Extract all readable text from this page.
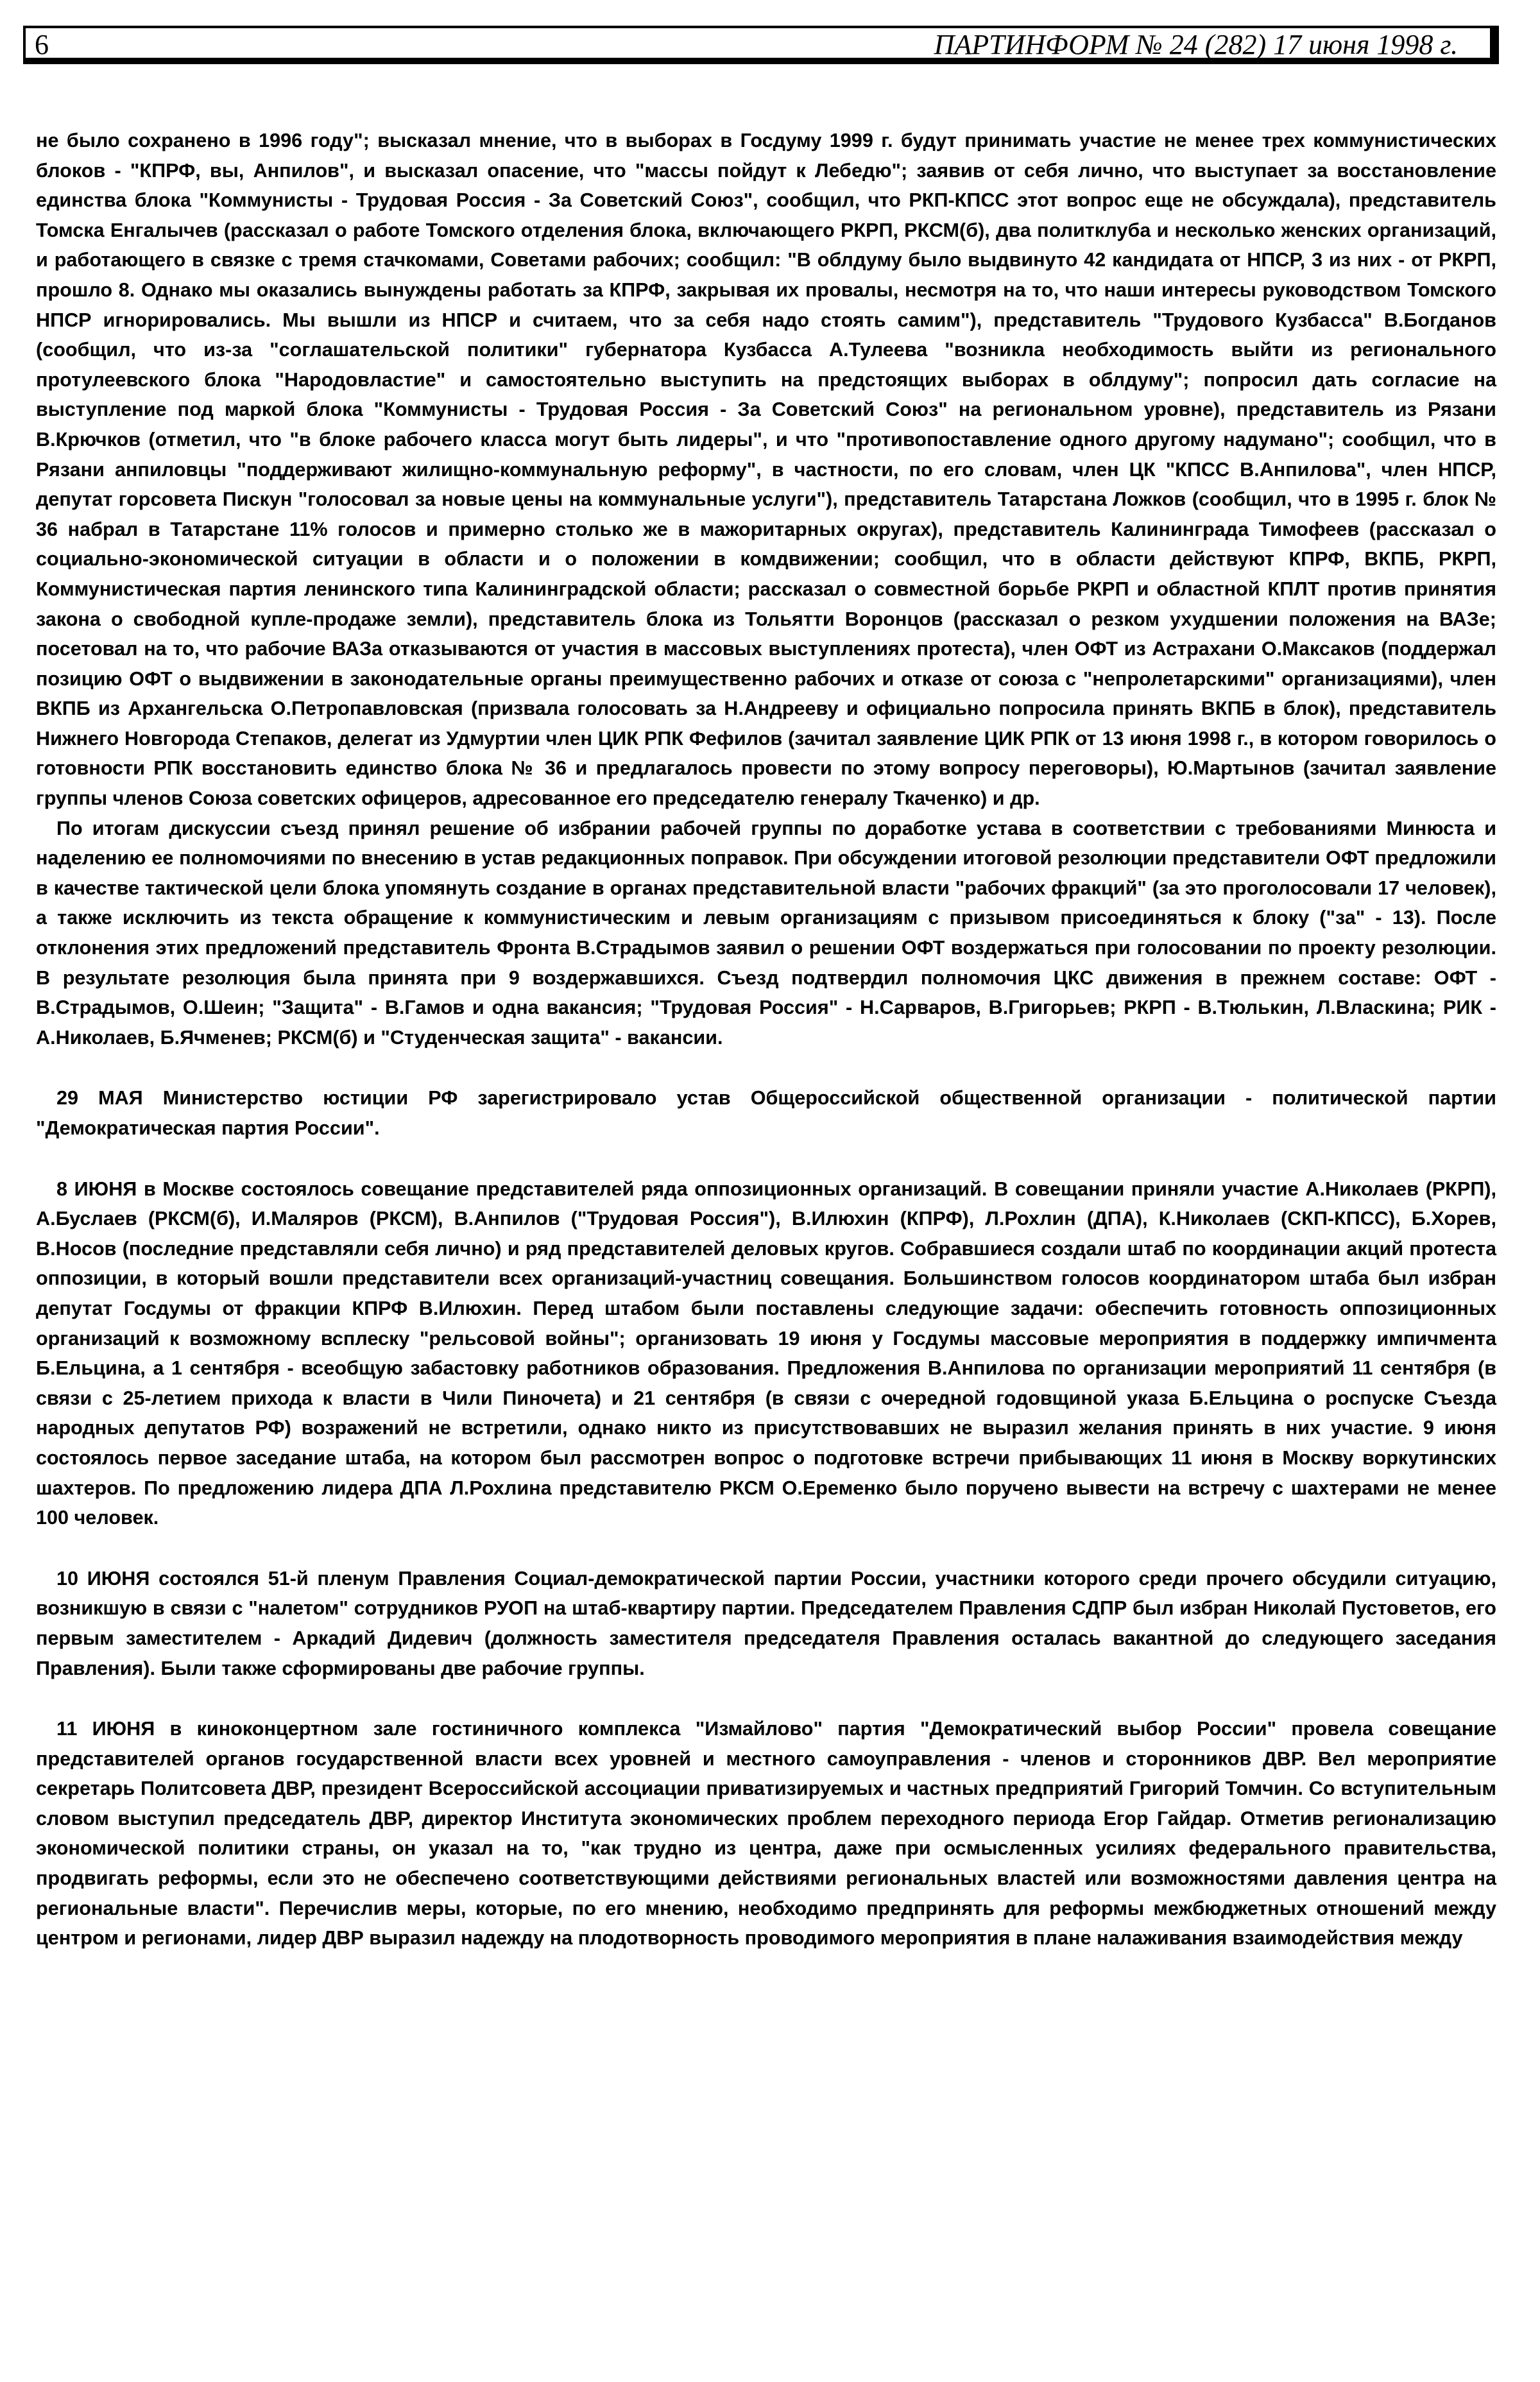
6	ПАРТИНФОРМ № 24 (282) 17 июня 1998 г.

не было сохранено в 1996 году"; высказал мнение, что в выборах в Госдуму 1999 г. будут принимать участие не менее трех коммунистических блоков - "КПРФ, вы, Анпилов", и высказал опасение, что "массы пойдут к Лебедю"; заявив от себя лично, что выступает за восстановление единства блока "Коммунисты - Трудовая Россия - За Советский Союз", сообщил, что РКП-КПСС этот вопрос еще не обсуждала), представитель Томска Енгалычев (рассказал о работе Томского отделения блока, включающего РКРП, РКСМ(б), два политклуба и несколько женских организаций, и работающего в связке с тремя стачкомами, Советами рабочих; сообщил: "В облдуму было выдвинуто 42 кандидата от НПСР, 3 из них - от РКРП, прошло 8. Однако мы оказались вынуждены работать за КПРФ, закрывая их провалы, несмотря на то, что наши интересы руководством Томского НПСР игнорировались. Мы вышли из НПСР и считаем, что за себя надо стоять самим"), представитель "Трудового Кузбасса" В.Богданов (сообщил, что из-за "соглашательской политики" губернатора Кузбасса А.Тулеева "возникла необходимость выйти из регионального протулеевского блока "Народовластие" и самостоятельно выступить на предстоящих выборах в облдуму"; попросил дать согласие на выступление под маркой блока "Коммунисты - Трудовая Россия - За Советский Союз" на региональном уровне), представитель из Рязани В.Крючков (отметил, что "в блоке рабочего класса могут быть лидеры", и что "противопоставление одного другому надумано"; сообщил, что в Рязани анпиловцы "поддерживают жилищно-коммунальную реформу", в частности, по его словам, член ЦК "КПСС В.Анпилова", член НПСР, депутат горсовета Пискун "голосовал за новые цены на коммунальные услуги"), представитель Татарстана Ложков (сообщил, что в 1995 г. блок № 36 набрал в Татарстане 11% голосов и примерно столько же в мажоритарных округах), представитель Калининграда Тимофеев (рассказал о социально-экономической ситуации в области и о положении в комдвижении; сообщил, что в области действуют КПРФ, ВКПБ, РКРП, Коммунистическая партия ленинского типа Калининградской области; рассказал о совместной борьбе РКРП и областной КПЛТ против принятия закона о свободной купле-продаже земли), представитель блока из Тольятти Воронцов (рассказал о резком ухудшении положения на ВАЗе; посетовал на то, что рабочие ВАЗа отказываются от участия в массовых выступлениях протеста), член ОФТ из Астрахани О.Максаков (поддержал позицию ОФТ о выдвижении в законодательные органы преимущественно рабочих и отказе от союза с "непролетарскими" организациями), член ВКПБ из Архангельска О.Петропавловская (призвала голосовать за Н.Андрееву и официально попросила принять ВКПБ в блок), представитель Нижнего Новгорода Степаков, делегат из Удмуртии член ЦИК РПК Фефилов (зачитал заявление ЦИК РПК от 13 июня 1998 г., в котором говорилось о готовности РПК восстановить единство блока № 36 и предлагалось провести по этому вопросу переговоры), Ю.Мартынов (зачитал заявление группы членов Союза советских офицеров, адресованное его председателю генералу Ткаченко) и др.

По итогам дискуссии съезд принял решение об избрании рабочей группы по доработке устава в соответствии с требованиями Минюста и наделению ее полномочиями по внесению в устав редакционных поправок. При обсуждении итоговой резолюции представители ОФТ предложили в качестве тактической цели блока упомянуть создание в органах представительной власти "рабочих фракций" (за это проголосовали 17 человек), а также исключить из текста обращение к коммунистическим и левым организациям с призывом присоединяться к блоку ("за" - 13). После отклонения этих предложений представитель Фронта В.Страдымов заявил о решении ОФТ воздержаться при голосовании по проекту резолюции. В результате резолюция была принята при 9 воздержавшихся. Съезд подтвердил полномочия ЦКС движения в прежнем составе: ОФТ - В.Страдымов, О.Шеин; "Защита" - В.Гамов и одна вакансия; "Трудовая Россия" - Н.Сарваров, В.Григорьев; РКРП - В.Тюлькин, Л.Власкина; РИК - А.Николаев, Б.Ячменев; РКСМ(б) и "Студенческая защита" - вакансии.

29 МАЯ Министерство юстиции РФ зарегистрировало устав Общероссийской общественной организации - политической партии "Демократическая партия России".

8 ИЮНЯ в Москве состоялось совещание представителей ряда оппозиционных организаций. В совещании приняли участие А.Николаев (РКРП), А.Буслаев (РКСМ(б), И.Маляров (РКСМ), В.Анпилов ("Трудовая Россия"), В.Илюхин (КПРФ), Л.Рохлин (ДПА), К.Николаев (СКП-КПСС), Б.Хорев, В.Носов (последние представляли себя лично) и ряд представителей деловых кругов. Собравшиеся создали штаб по координации акций протеста оппозиции, в который вошли представители всех организаций-участниц совещания. Большинством голосов координатором штаба был избран депутат Госдумы от фракции КПРФ В.Илюхин. Перед штабом были поставлены следующие задачи: обеспечить готовность оппозиционных организаций к возможному всплеску "рельсовой войны"; организовать 19 июня у Госдумы массовые мероприятия в поддержку импичмента Б.Ельцина, а 1 сентября - всеобщую забастовку работников образования. Предложения В.Анпилова по организации мероприятий 11 сентября (в связи с 25-летием прихода к власти в Чили Пиночета) и 21 сентября (в связи с очередной годовщиной указа Б.Ельцина о роспуске Съезда народных депутатов РФ) возражений не встретили, однако никто из присутствовавших не выразил желания принять в них участие. 9 июня состоялось первое заседание штаба, на котором был рассмотрен вопрос о подготовке встречи прибывающих 11 июня в Москву воркутинских шахтеров. По предложению лидера ДПА Л.Рохлина представителю РКСМ О.Еременко было поручено вывести на встречу с шахтерами не менее 100 человек.

10 ИЮНЯ состоялся 51-й пленум Правления Социал-демократической партии России, участники которого среди прочего обсудили ситуацию, возникшую в связи с "налетом" сотрудников РУОП на штаб-квартиру партии. Председателем Правления СДПР был избран Николай Пустоветов, его первым заместителем - Аркадий Дидевич (должность заместителя председателя Правления осталась вакантной до следующего заседания Правления). Были также сформированы две рабочие группы.

11 ИЮНЯ в киноконцертном зале гостиничного комплекса "Измайлово" партия "Демократический выбор России" провела совещание представителей органов государственной власти всех уровней и местного самоуправления - членов и сторонников ДВР. Вел мероприятие секретарь Политсовета ДВР, президент Всероссийской ассоциации приватизируемых и частных предприятий Григорий Томчин. Со вступительным словом выступил председатель ДВР, директор Института экономических проблем переходного периода Егор Гайдар. Отметив регионализацию экономической политики страны, он указал на то, "как трудно из центра, даже при осмысленных усилиях федерального правительства, продвигать реформы, если это не обеспечено соответствующими действиями региональных властей или возможностями давления центра на региональные власти". Перечислив меры, которые, по его мнению, необходимо предпринять для реформы межбюджетных отношений между центром и регионами, лидер ДВР выразил надежду на плодотворность проводимого мероприятия в плане налаживания взаимодействия между
